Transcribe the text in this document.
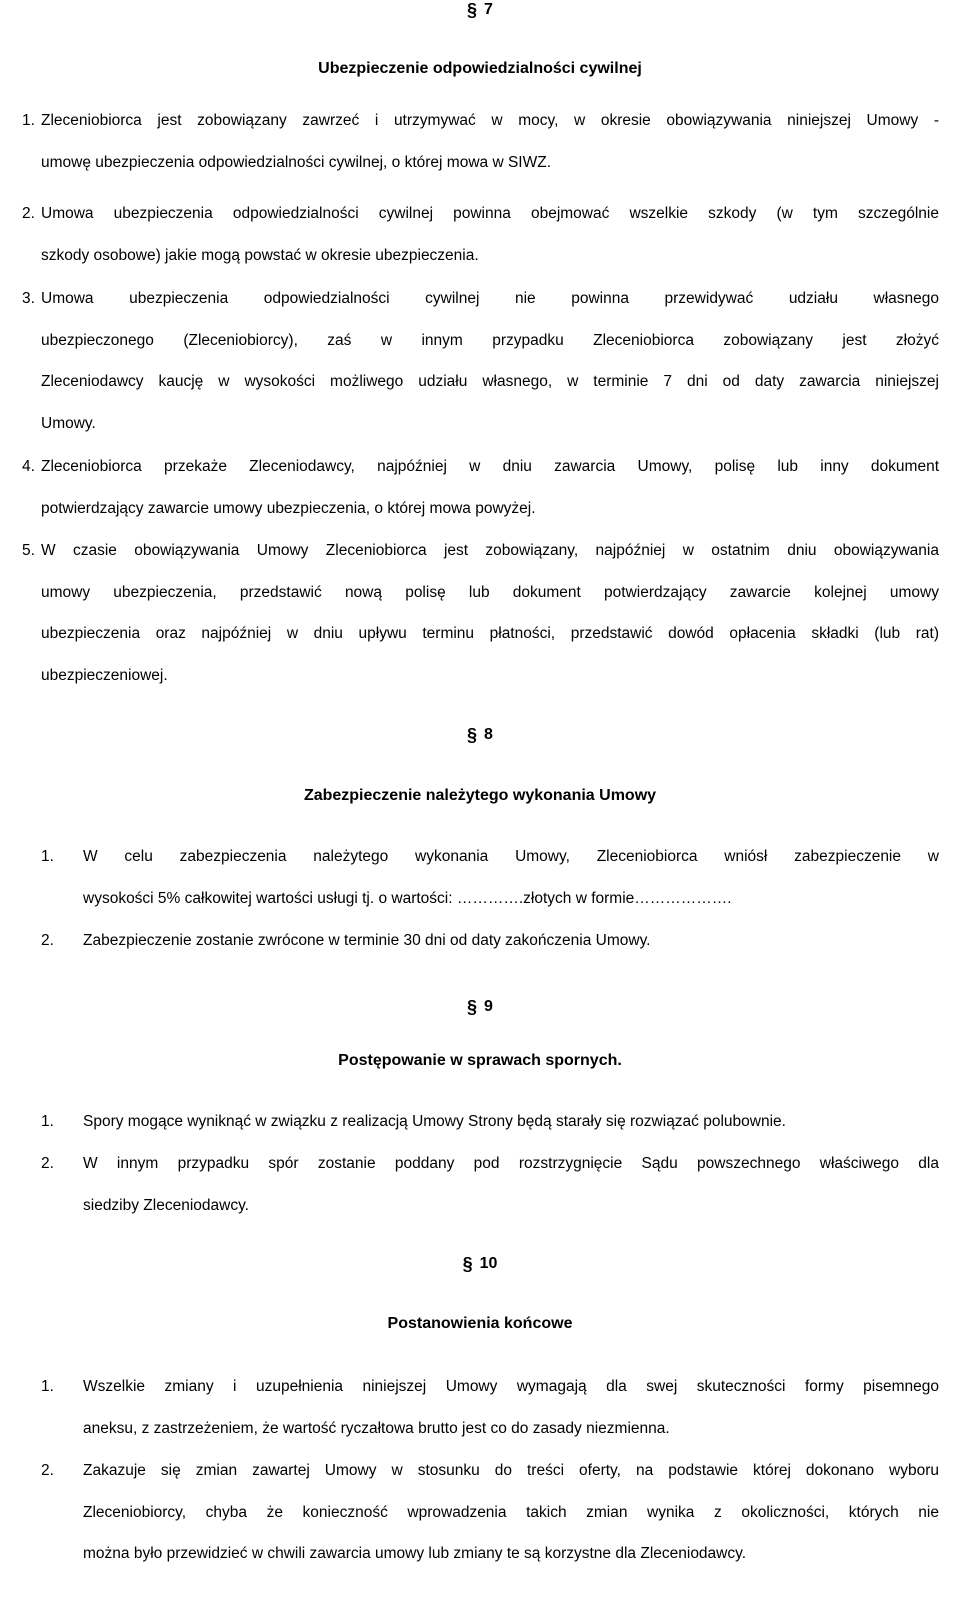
§ 7
Ubezpieczenie odpowiedzialności cywilnej
1. Zleceniobiorca jest zobowiązany zawrzeć i utrzymywać w mocy, w okresie obowiązywania niniejszej Umowy -
umowę ubezpieczenia odpowiedzialności cywilnej, o której mowa w SIWZ.
2. Umowa ubezpieczenia odpowiedzialności cywilnej powinna obejmować wszelkie szkody (w tym szczególnie
szkody osobowe) jakie mogą powstać w okresie ubezpieczenia.
3. Umowa ubezpieczenia odpowiedzialności cywilnej nie powinna przewidywać udziału własnego
ubezpieczonego (Zleceniobiorcy), zaś w innym przypadku Zleceniobiorca zobowiązany jest złożyć
Zleceniodawcy kaucję w wysokości możliwego udziału własnego, w terminie 7 dni od daty zawarcia niniejszej
Umowy.
4. Zleceniobiorca przekaże Zleceniodawcy, najpóźniej w dniu zawarcia Umowy, polisę lub inny dokument
potwierdzający zawarcie umowy ubezpieczenia, o której mowa powyżej.
5. W czasie obowiązywania Umowy Zleceniobiorca jest zobowiązany, najpóźniej w ostatnim dniu obowiązywania
umowy ubezpieczenia, przedstawić nową polisę lub dokument potwierdzający zawarcie kolejnej umowy
ubezpieczenia oraz najpóźniej w dniu upływu terminu płatności, przedstawić dowód opłacenia składki (lub rat)
ubezpieczeniowej.
§ 8
Zabezpieczenie należytego wykonania Umowy
1. W celu zabezpieczenia należytego wykonania Umowy, Zleceniobiorca wniósł zabezpieczenie w
wysokości 5% całkowitej wartości usługi tj. o wartości: ………….złotych w formie……………….
2. Zabezpieczenie zostanie zwrócone w terminie 30 dni od daty zakończenia Umowy.
§ 9
Postępowanie w sprawach spornych.
1. Spory mogące wyniknąć w związku z realizacją Umowy Strony będą starały się rozwiązać polubownie.
2. W innym przypadku spór zostanie poddany pod rozstrzygnięcie Sądu powszechnego właściwego dla
siedziby Zleceniodawcy.
§ 10
Postanowienia końcowe
1. Wszelkie zmiany i uzupełnienia niniejszej Umowy wymagają dla swej skuteczności formy pisemnego
aneksu, z zastrzeżeniem, że wartość ryczałtowa brutto jest co do zasady niezmienna.
2. Zakazuje się zmian zawartej Umowy w stosunku do treści oferty, na podstawie której dokonano wyboru
Zleceniobiorcy, chyba że konieczność wprowadzenia takich zmian wynika z okoliczności, których nie
można było przewidzieć w chwili zawarcia umowy lub zmiany te są korzystne dla Zleceniodawcy.
